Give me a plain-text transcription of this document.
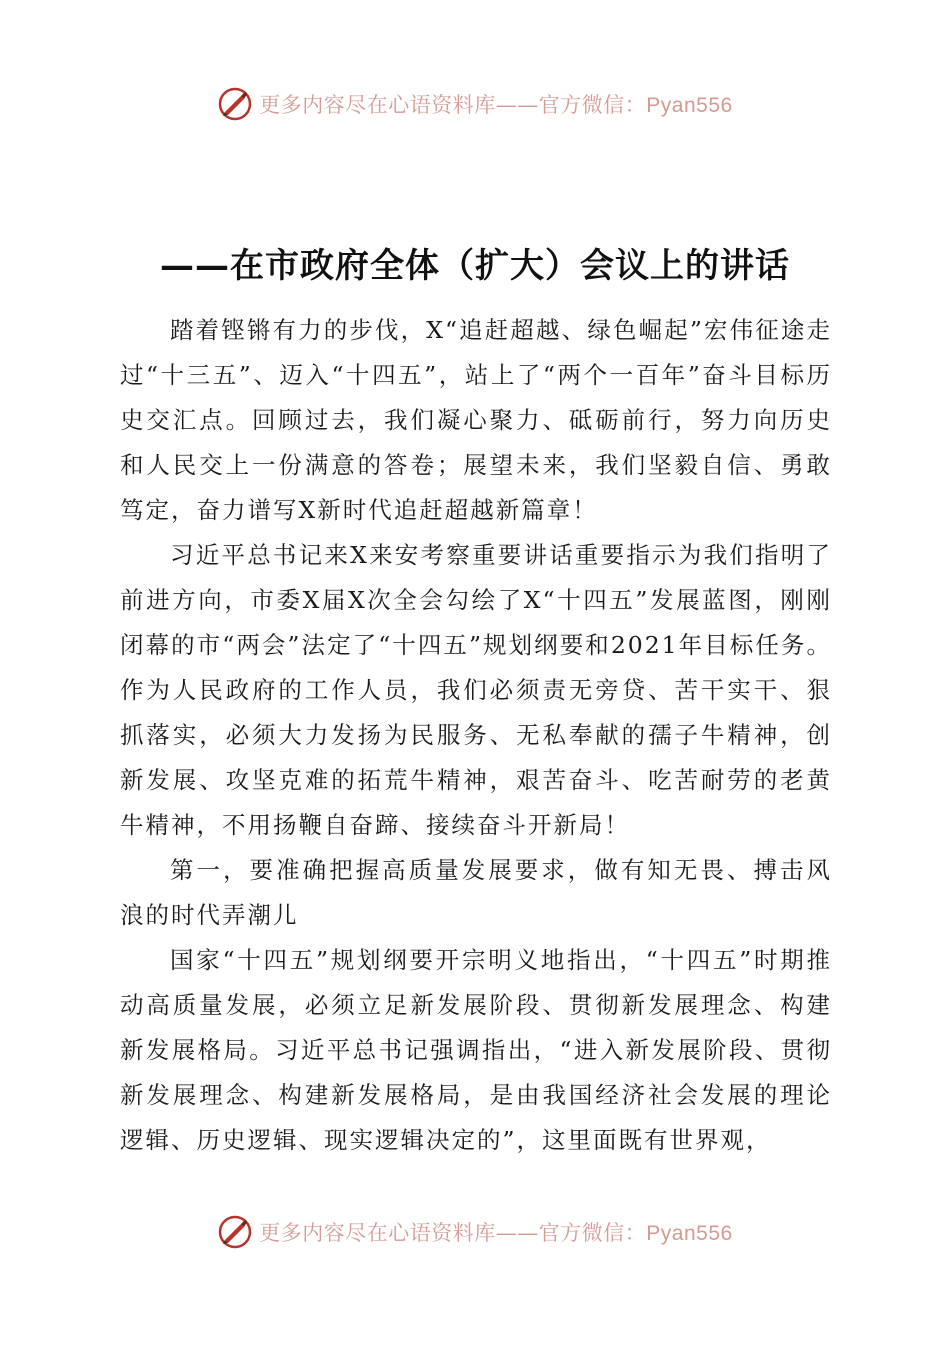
更多内容尽在心语资料库——官方微信：Pyan556
——在市政府全体（扩大）会议上的讲话

踏着铿锵有力的步伐，X“追赶超越、绿色崛起”宏伟征途走过“十三五”、迈入“十四五”，站上了“两个一百年”奋斗目标历史交汇点。回顾过去，我们凝心聚力、砥砺前行，努力向历史和人民交上一份满意的答卷；展望未来，我们坚毅自信、勇敢笃定，奋力谱写X新时代追赶超越新篇章！

习近平总书记来X来安考察重要讲话重要指示为我们指明了前进方向，市委X届X次全会勾绘了X“十四五”发展蓝图，刚刚闭幕的市“两会”法定了“十四五”规划纲要和2021年目标任务。作为人民政府的工作人员，我们必须责无旁贷、苦干实干、狠抓落实，必须大力发扬为民服务、无私奉献的孺子牛精神，创新发展、攻坚克难的拓荒牛精神，艰苦奋斗、吃苦耐劳的老黄牛精神，不用扬鞭自奋蹄、接续奋斗开新局！

第一，要准确把握高质量发展要求，做有知无畏、搏击风浪的时代弄潮儿

国家“十四五”规划纲要开宗明义地指出，“十四五”时期推动高质量发展，必须立足新发展阶段、贯彻新发展理念、构建新发展格局。习近平总书记强调指出，“进入新发展阶段、贯彻新发展理念、构建新发展格局，是由我国经济社会发展的理论逻辑、历史逻辑、现实逻辑决定的”，这里面既有世界观，

更多内容尽在心语资料库——官方微信：Pyan556
